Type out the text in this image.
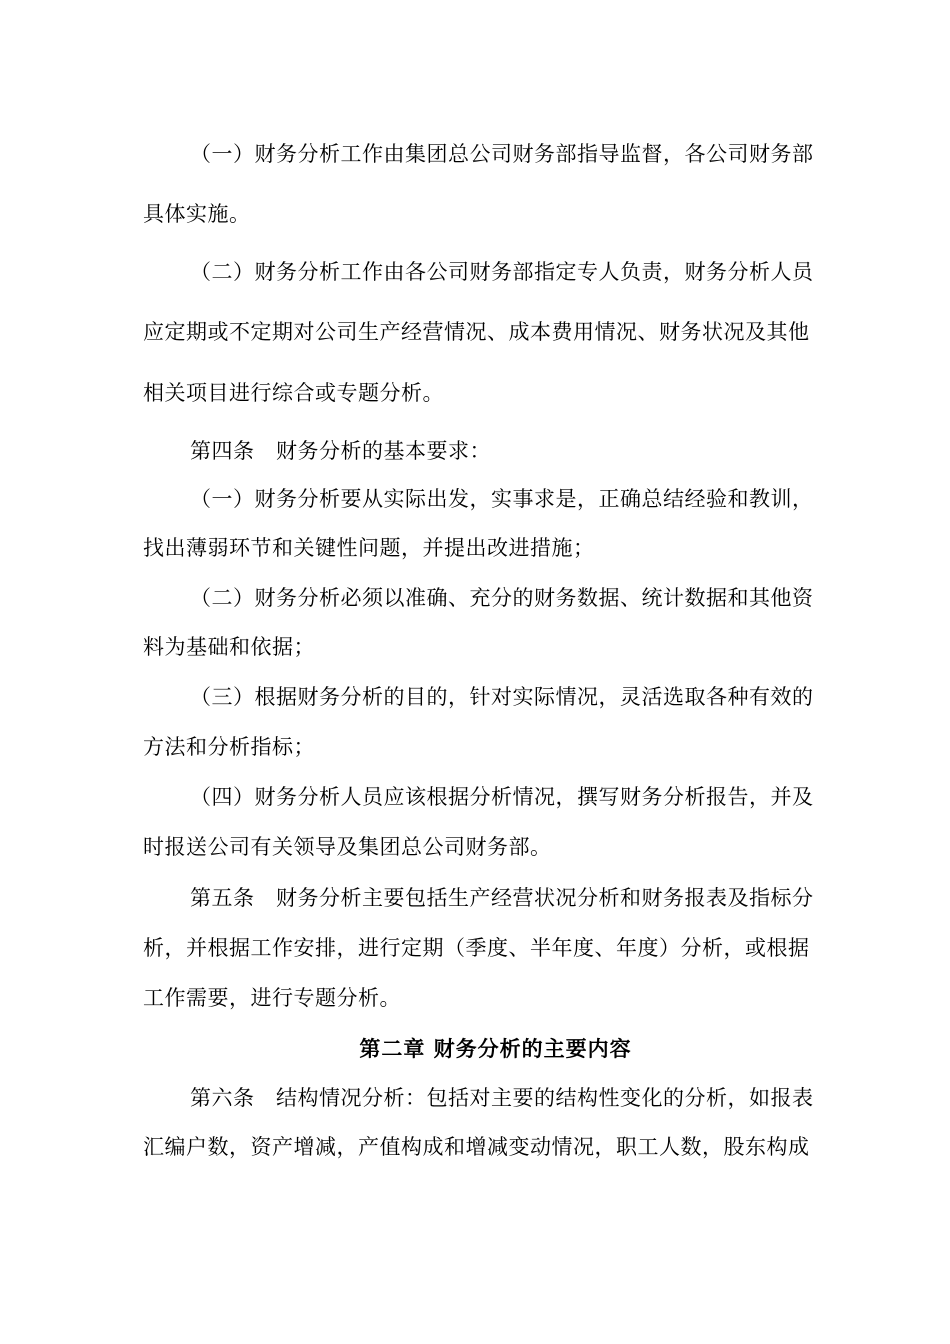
（一）财务分析工作由集团总公司财务部指导监督，各公司财务部
具体实施。
（二）财务分析工作由各公司财务部指定专人负责，财务分析人员
应定期或不定期对公司生产经营情况、成本费用情况、财务状况及其他
相关项目进行综合或专题分析。
第四条　财务分析的基本要求：
（一）财务分析要从实际出发，实事求是，正确总结经验和教训，
找出薄弱环节和关键性问题，并提出改进措施；
（二）财务分析必须以准确、充分的财务数据、统计数据和其他资
料为基础和依据；
（三）根据财务分析的目的，针对实际情况，灵活选取各种有效的
方法和分析指标；
（四）财务分析人员应该根据分析情况，撰写财务分析报告，并及
时报送公司有关领导及集团总公司财务部。
第五条　财务分析主要包括生产经营状况分析和财务报表及指标分
析，并根据工作安排，进行定期（季度、半年度、年度）分析，或根据
工作需要，进行专题分析。
第二章 财务分析的主要内容
第六条　结构情况分析：包括对主要的结构性变化的分析，如报表
汇编户数，资产增减，产值构成和增减变动情况，职工人数，股东构成
